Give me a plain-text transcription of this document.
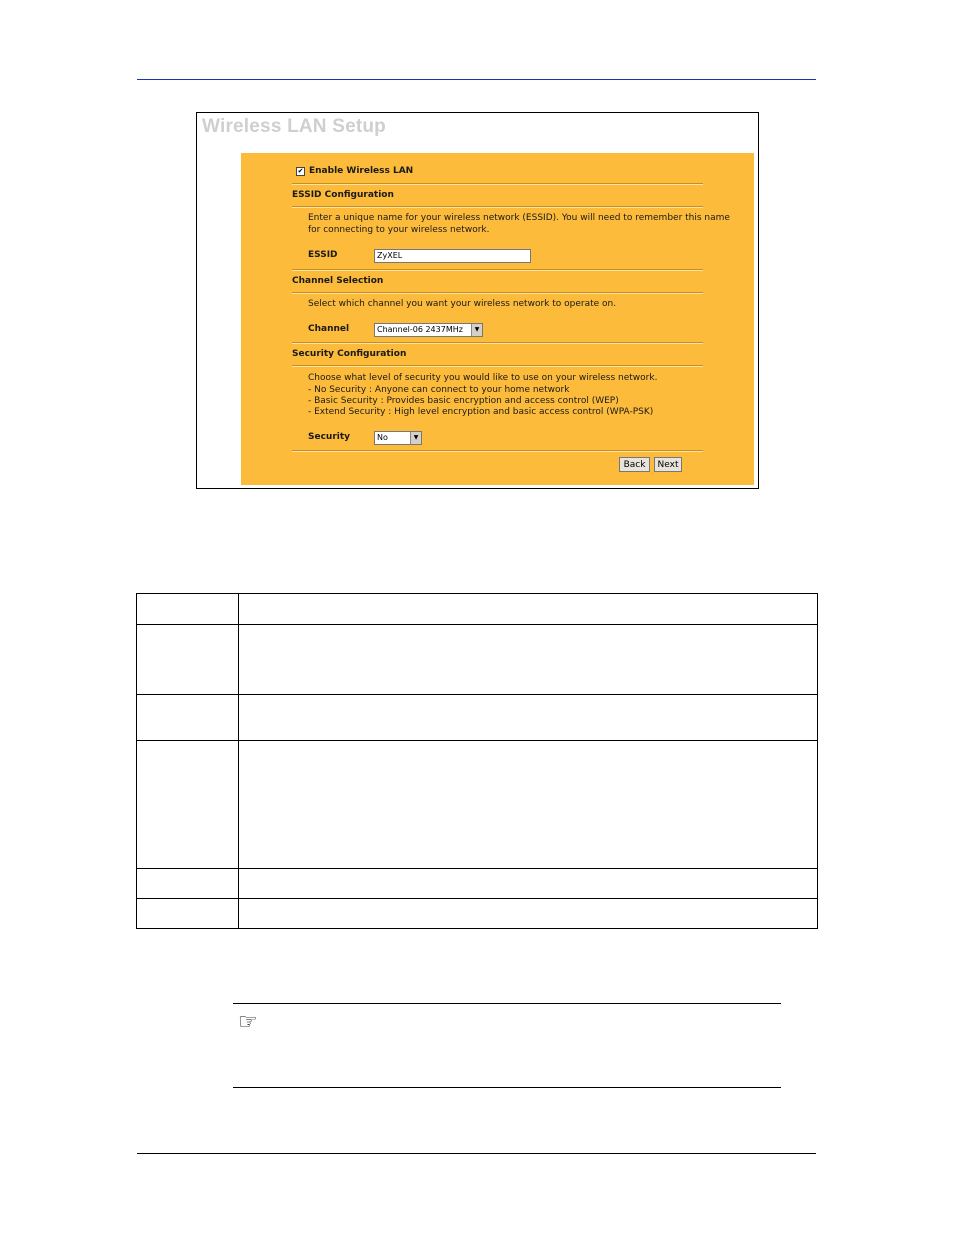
Wireless LAN Setup
✔ Enable Wireless LAN
ESSID Configuration
Enter a unique name for your wireless network (ESSID). You will need to remember this name
for connecting to your wireless network.
ESSID	ZyXEL
Channel Selection
Select which channel you want your wireless network to operate on.
Channel	Channel-06 2437MHz	▼
Security Configuration
Choose what level of security you would like to use on your wireless network.
- No Security : Anyone can connect to your home network
- Basic Security : Provides basic encryption and access control (WEP)
- Extend Security : High level encryption and basic access control (WPA-PSK)
Security	No	▼
Back	Next

☞
